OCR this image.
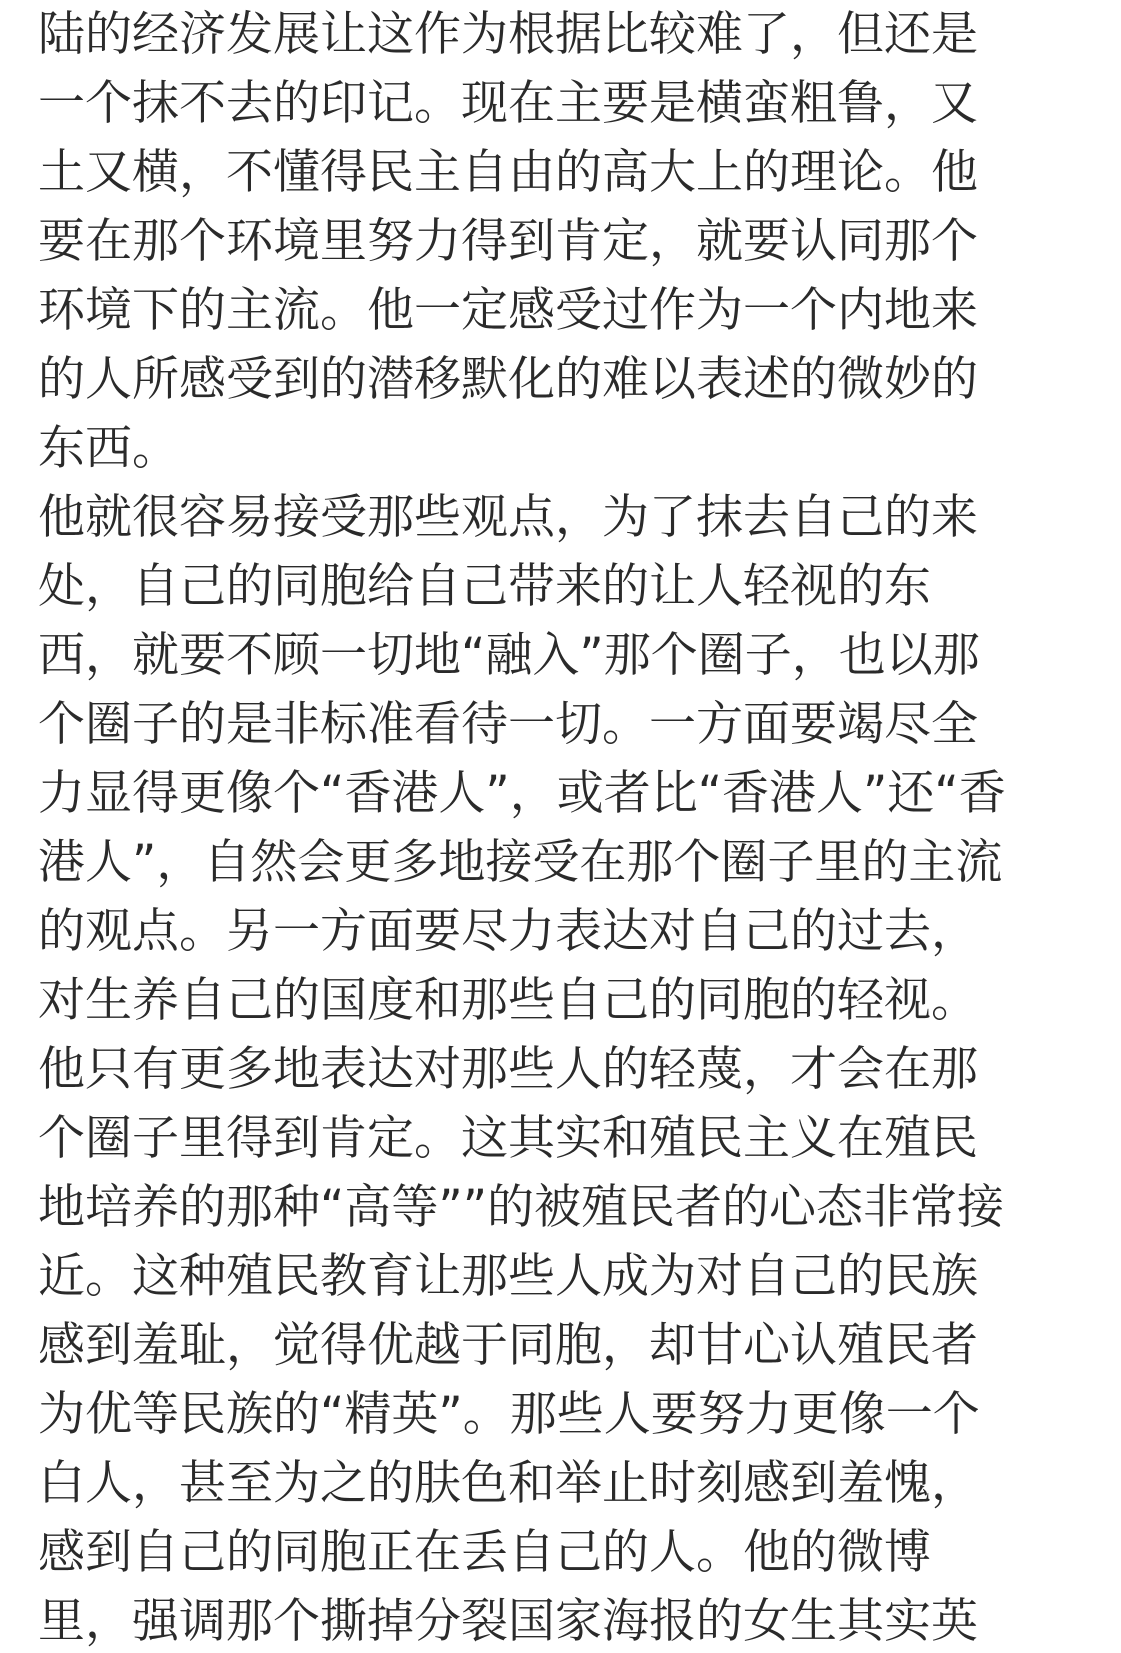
陆的经济发展让这作为根据比较难了，但还是
一个抹不去的印记。现在主要是横蛮粗鲁，又
土又横，不懂得民主自由的高大上的理论。他
要在那个环境里努力得到肯定，就要认同那个
环境下的主流。他一定感受过作为一个内地来
的人所感受到的潜移默化的难以表述的微妙的
东西。
他就很容易接受那些观点，为了抹去自己的来
处，自己的同胞给自己带来的让人轻视的东
西，就要不顾一切地“融入”那个圈子，也以那
个圈子的是非标准看待一切。一方面要竭尽全
力显得更像个“香港人”，或者比“香港人”还“香
港人”，自然会更多地接受在那个圈子里的主流
的观点。另一方面要尽力表达对自己的过去，
对生养自己的国度和那些自己的同胞的轻视。
他只有更多地表达对那些人的轻蔑，才会在那
个圈子里得到肯定。这其实和殖民主义在殖民
地培养的那种“高等””的被殖民者的心态非常接
近。这种殖民教育让那些人成为对自己的民族
感到羞耻，觉得优越于同胞，却甘心认殖民者
为优等民族的“精英”。那些人要努力更像一个
白人，甚至为之的肤色和举止时刻感到羞愧，
感到自己的同胞正在丢自己的人。他的微博
里，强调那个撕掉分裂国家海报的女生其实英
